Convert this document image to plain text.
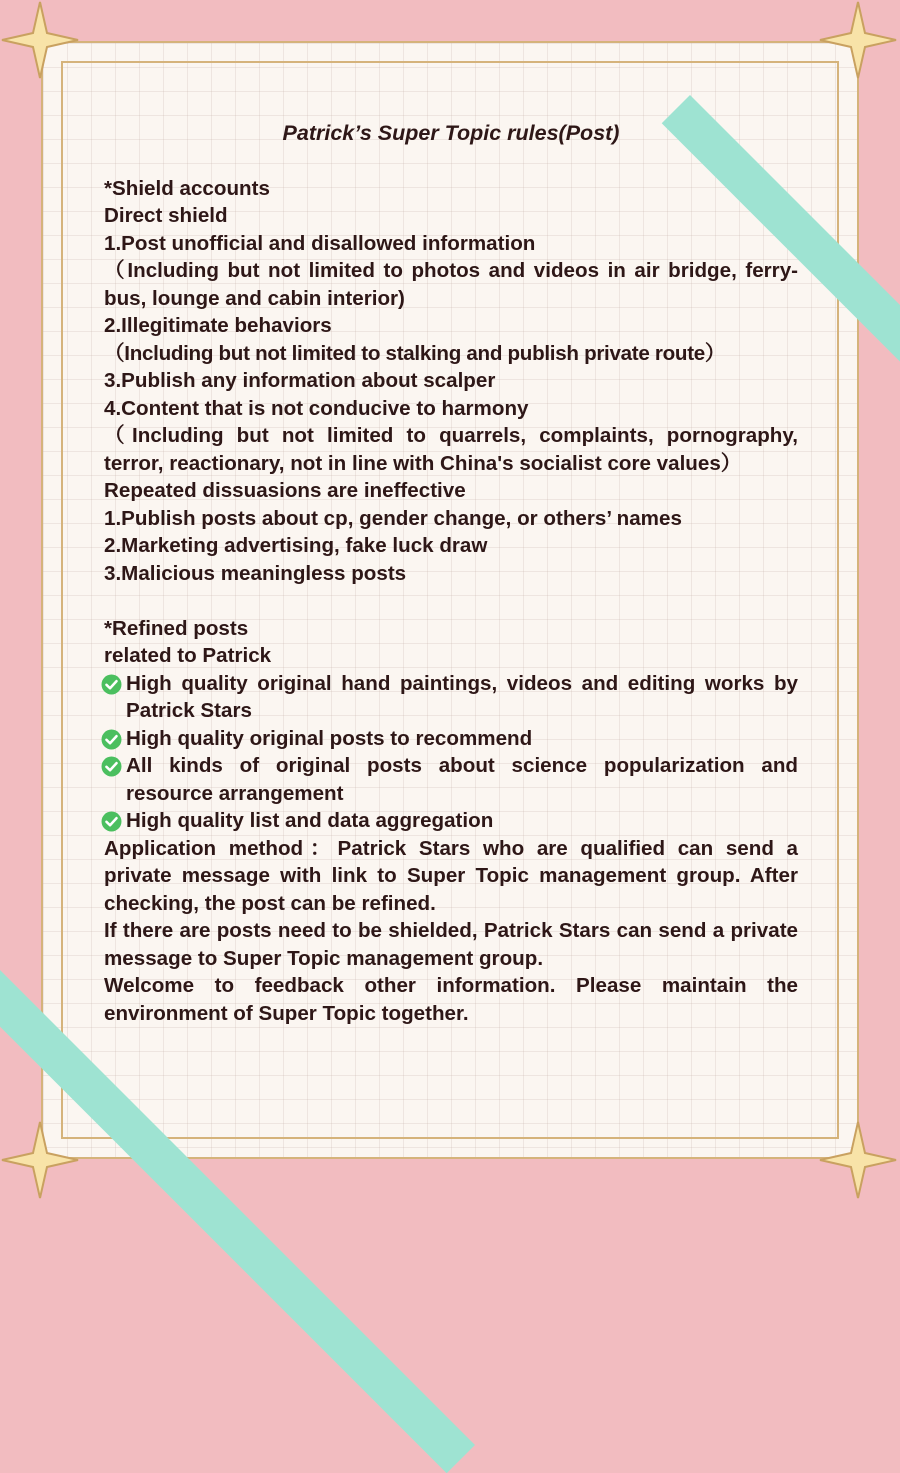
Patrick’s Super Topic rules(Post)
*Shield accounts
Direct shield
1.Post unofficial and disallowed information
（Including but not limited to photos and videos in air bridge, ferry-bus, lounge and cabin interior)
2.Illegitimate behaviors
（Including but not limited to stalking and publish private route）
3.Publish any information about scalper
4.Content that is not conducive to harmony
（Including but not limited to quarrels, complaints, pornography, terror, reactionary, not in line with China's socialist core values）
Repeated dissuasions are ineffective
1.Publish posts about cp, gender change, or others’ names
2.Marketing advertising, fake luck draw
3.Malicious meaningless posts
*Refined posts
related to Patrick
High quality original hand paintings, videos and editing works by Patrick Stars
High quality original posts to recommend
All kinds of original posts about science popularization and resource arrangement
High quality list and data aggregation
Application method：Patrick Stars who are qualified can send a private message with link to Super Topic management group. After checking, the post can be refined.
If there are posts need to be shielded, Patrick Stars can send a private message to Super Topic management group.
Welcome to feedback other information. Please maintain the environment of Super Topic together.
